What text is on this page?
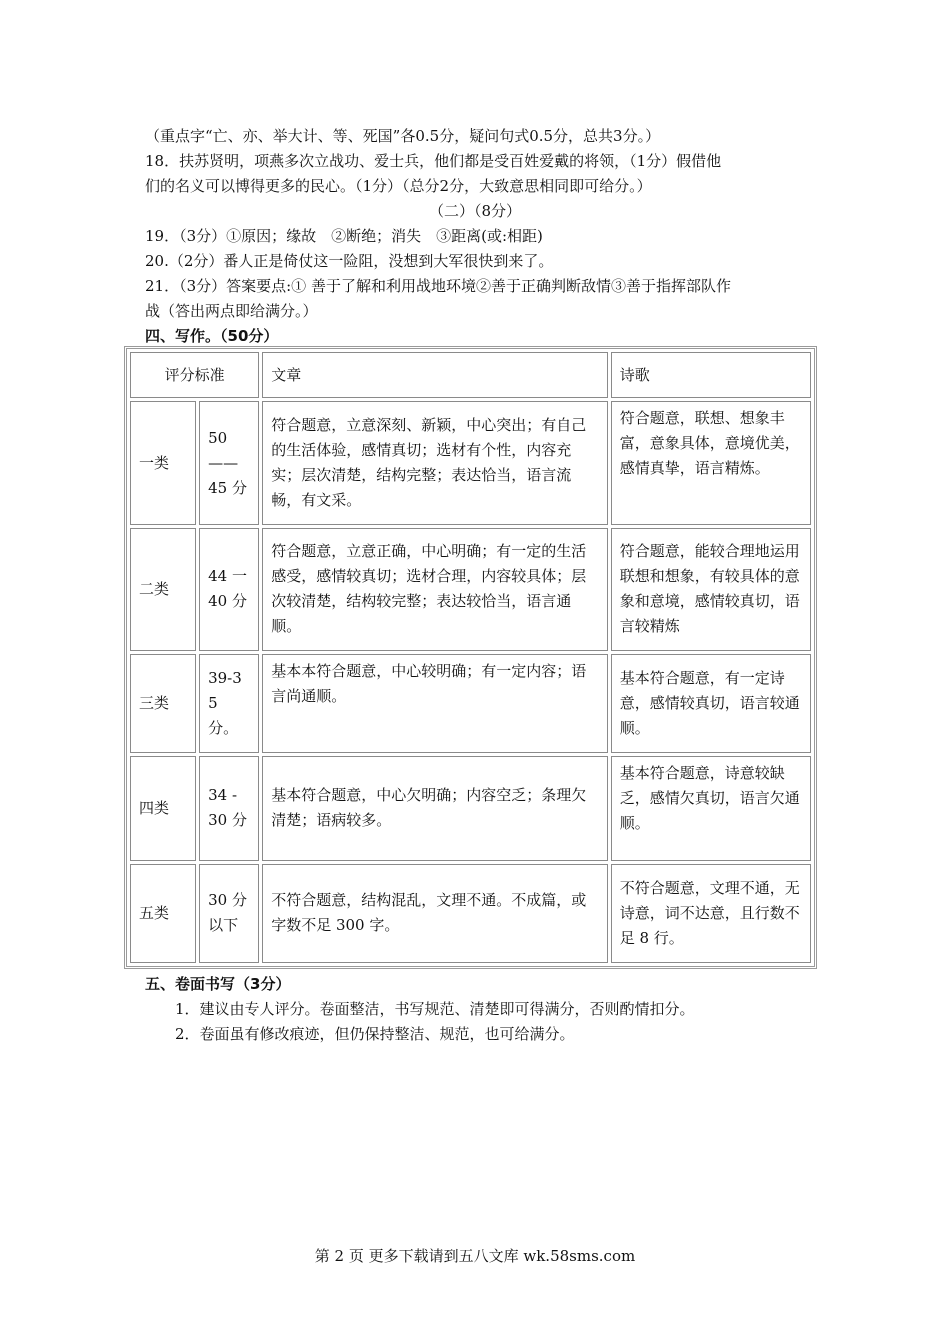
（重点字“亡、亦、举大计、等、死国”各0.5分，疑问句式0.5分，总共3分。）
18．扶苏贤明，项燕多次立战功、爱士兵，他们都是受百姓爱戴的将领，（1分）假借他
们的名义可以博得更多的民心。（1分）（总分2分，大致意思相同即可给分。）
（二）（8分）
19．（3分）①原因；缘故　②断绝；消失　③距离(或:相距)
20.（2分）番人正是倚仗这一险阻，没想到大军很快到来了。
21．（3分）答案要点:① 善于了解和利用战地环境②善于正确判断敌情③善于指挥部队作
战（答出两点即给满分。）
四、写作。（50分）
评分标准		文章	诗歌
一类	50 —— 45 分	符合题意，立意深刻、新颖，中心突出；有自己的生活体验，感情真切；选材有个性，内容充实；层次清楚，结构完整；表达恰当，语言流畅，有文采。	符合题意，联想、想象丰富，意象具体，意境优美，感情真挚，语言精炼。
二类	44 一 40 分	符合题意，立意正确，中心明确；有一定的生活感受，感情较真切；选材合理，内容较具体；层次较清楚，结构较完整；表达较恰当，语言通顺。	符合题意，能较合理地运用联想和想象，有较具体的意象和意境，感情较真切，语言较精炼
三类	39-35 分。	基本本符合题意，中心较明确；有一定内容；语言尚通顺。	基本符合题意，有一定诗意，感情较真切，语言较通顺。
四类	34 - 30 分	基本符合题意，中心欠明确；内容空乏；条理欠清楚；语病较多。	基本符合题意，诗意较缺乏，感情欠真切，语言欠通顺。
五类	30 分 以下	不符合题意，结构混乱，文理不通。不成篇，或字数不足 300 字。	不符合题意，文理不通，无诗意，词不达意，且行数不足 8 行。
五、卷面书写（3分）
1．建议由专人评分。卷面整洁，书写规范、清楚即可得满分，否则酌情扣分。
2．卷面虽有修改痕迹，但仍保持整洁、规范，也可给满分。
第 2 页 更多下载请到五八文库 wk.58sms.com
